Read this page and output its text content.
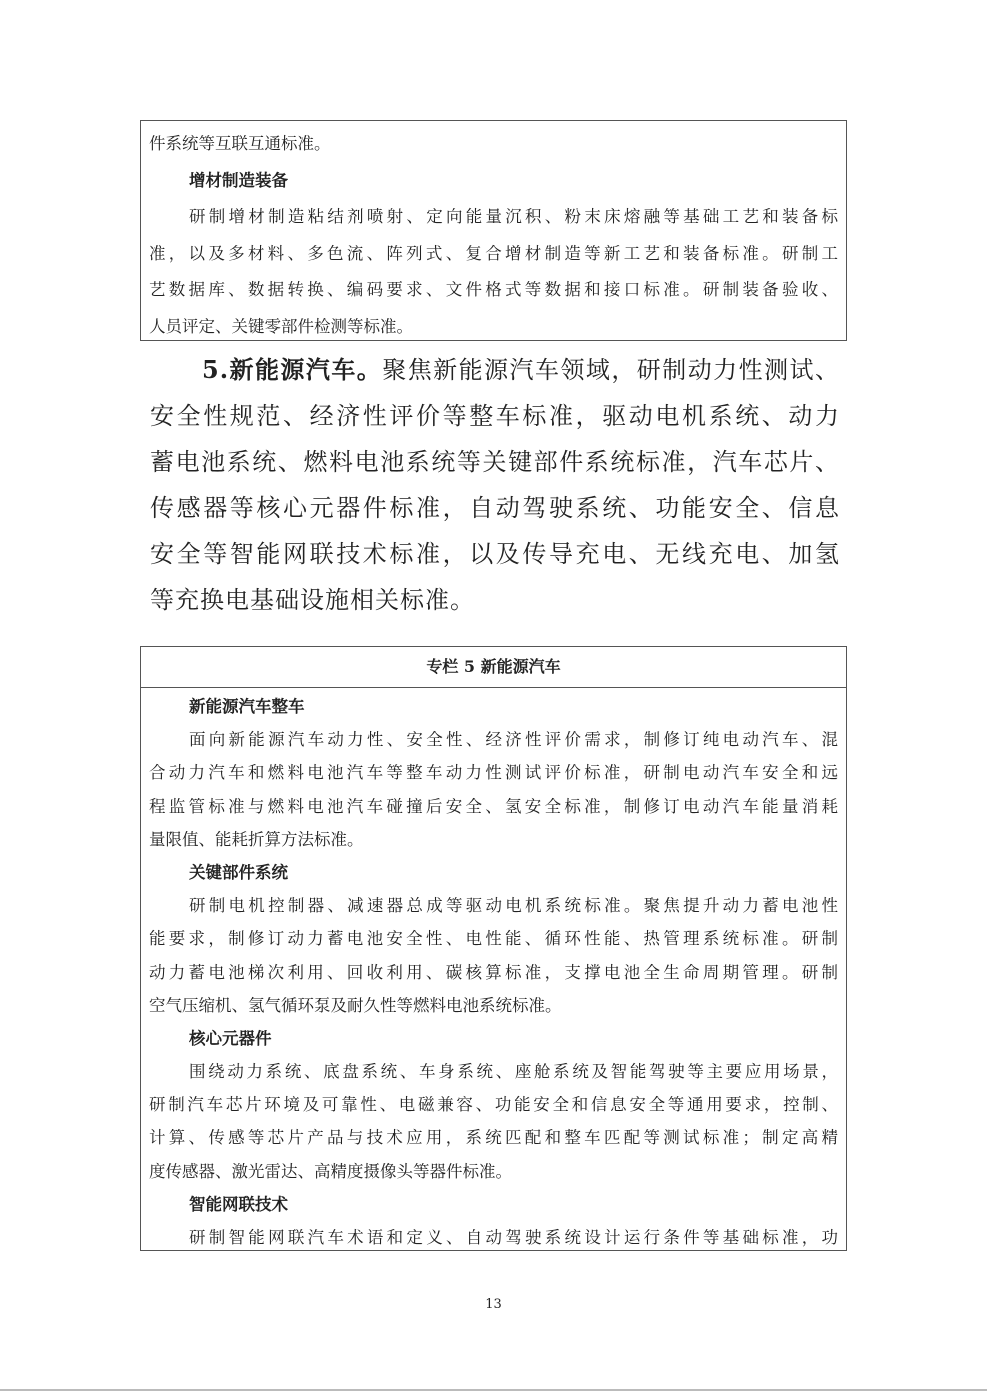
件系统等互联互通标准。
增材制造装备
研制增材制造粘结剂喷射、定向能量沉积、粉末床熔融等基础工艺和装备标
准，以及多材料、多色流、阵列式、复合增材制造等新工艺和装备标准。研制工
艺数据库、数据转换、编码要求、文件格式等数据和接口标准。研制装备验收、
人员评定、关键零部件检测等标准。
5.新能源汽车。聚焦新能源汽车领域，研制动力性测试、
安全性规范、经济性评价等整车标准，驱动电机系统、动力
蓄电池系统、燃料电池系统等关键部件系统标准，汽车芯片、
传感器等核心元器件标准，自动驾驶系统、功能安全、信息
安全等智能网联技术标准，以及传导充电、无线充电、加氢
等充换电基础设施相关标准。
专栏 5 新能源汽车
新能源汽车整车
面向新能源汽车动力性、安全性、经济性评价需求，制修订纯电动汽车、混
合动力汽车和燃料电池汽车等整车动力性测试评价标准，研制电动汽车安全和远
程监管标准与燃料电池汽车碰撞后安全、氢安全标准，制修订电动汽车能量消耗
量限值、能耗折算方法标准。
关键部件系统
研制电机控制器、减速器总成等驱动电机系统标准。聚焦提升动力蓄电池性
能要求，制修订动力蓄电池安全性、电性能、循环性能、热管理系统标准。研制
动力蓄电池梯次利用、回收利用、碳核算标准，支撑电池全生命周期管理。研制
空气压缩机、氢气循环泵及耐久性等燃料电池系统标准。
核心元器件
围绕动力系统、底盘系统、车身系统、座舱系统及智能驾驶等主要应用场景，
研制汽车芯片环境及可靠性、电磁兼容、功能安全和信息安全等通用要求，控制、
计算、传感等芯片产品与技术应用，系统匹配和整车匹配等测试标准；制定高精
度传感器、激光雷达、高精度摄像头等器件标准。
智能网联技术
研制智能网联汽车术语和定义、自动驾驶系统设计运行条件等基础标准，功
13
